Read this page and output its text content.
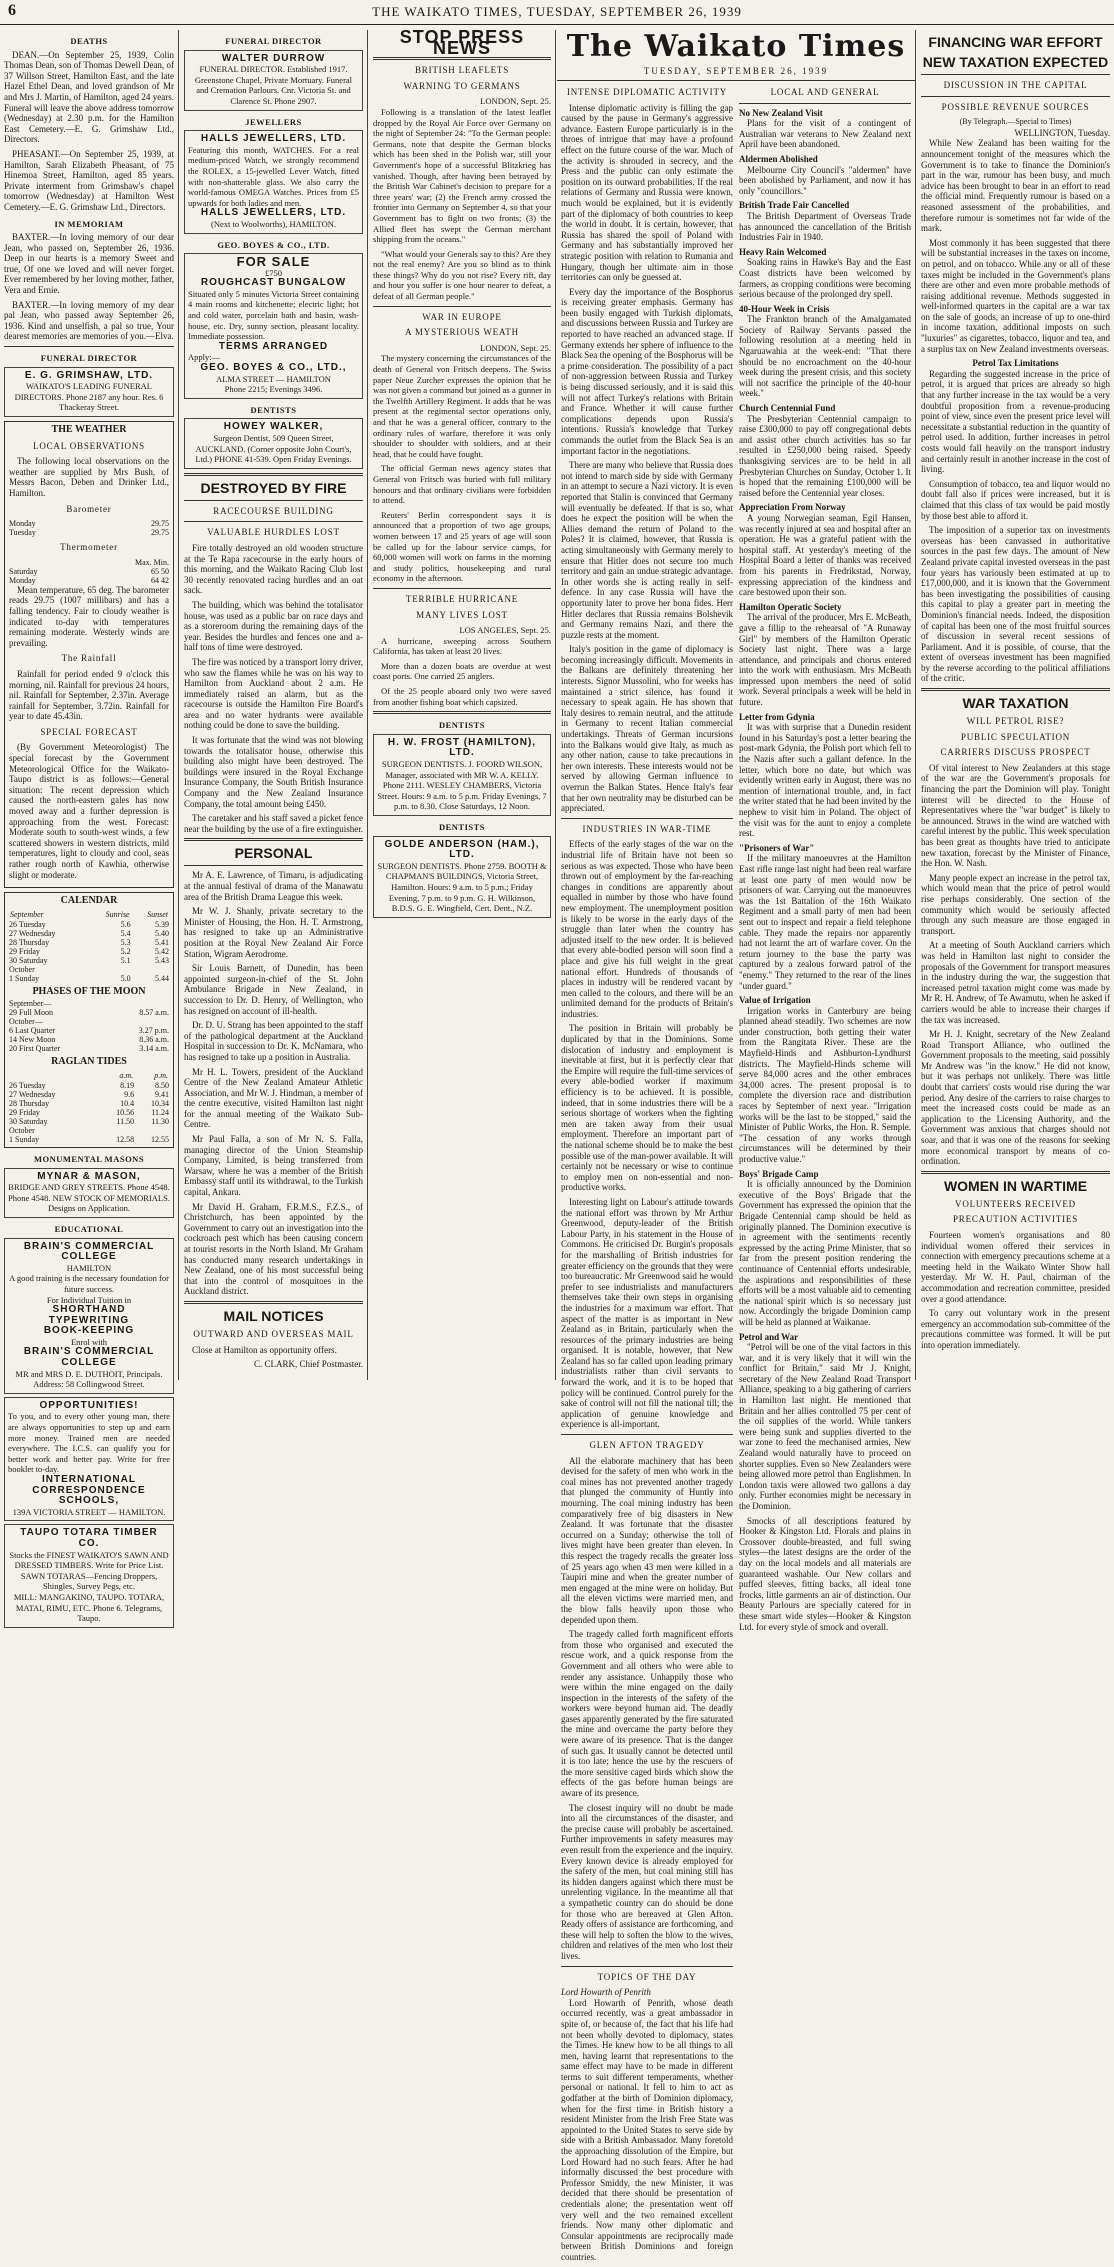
6	THE WAIKATO TIMES, TUESDAY, SEPTEMBER 26, 1939
DEATHS

DEAN.—On September 25, 1939, Colin Thomas Dean, son of Thomas Dewell Dean, of 37 Willson Street, Hamilton East, and the late Hazel Ethel Dean, and loved grandson of Mr and Mrs J. Martin, of Hamilton, aged 24 years. Funeral will leave the above address tomorrow (Wednesday) at 2.30 p.m. for the Hamilton East Cemetery.—E. G. Grimshaw Ltd., Directors.

PHEASANT.—On September 25, 1939, at Hamilton, Sarah Elizabeth Pheasant, of 75 Hinemoa Street, Hamilton, aged 85 years. Private interment from Grimshaw's chapel tomorrow (Wednesday) at Hamilton West Cemetery.—E. G. Grimshaw Ltd., Directors.

IN MEMORIAM

BAXTER.—In loving memory of our dear Jean, who passed on, September 26, 1936. Deep in our hearts is a memory Sweet and true, Of one we loved and will never forget. Ever remembered by her loving mother, father, Vera and Ernie.

BAXTER.—In loving memory of my dear pal Jean, who passed away September 26, 1936. Kind and unselfish, a pal so true, Your dearest memories are memories of you.—Elva.

FUNERAL DIRECTOR
E. G. GRIMSHAW, LTD.
WAIKATO'S LEADING FUNERAL DIRECTORS. Phone 2187 any hour. Res. 6 Thackeray Street.
THE WEATHER
LOCAL OBSERVATIONS

The following local observations on the weather are supplied by Mrs Bush, of Messrs Bacon, Deben and Drinker Ltd., Hamilton.

Barometer
Monday	29.75
Tuesday	29.75
Thermometer
	Max. Min.
Saturday	65 50
Monday	64 42

Mean temperature, 65 deg. The barometer reads 29.75 (1007 millibars) and has a falling tendency. Fair to cloudy weather is indicated to-day with temperatures remaining moderate. Westerly winds are prevailing.

The Rainfall

Rainfall for period ended 9 o'clock this morning, nil. Rainfall for previous 24 hours, nil. Rainfall for September, 2.37in. Average rainfall for September, 3.72in. Rainfall for year to date 45.43in.

SPECIAL FORECAST

(By Government Meteorologist) The special forecast by the Government Meteorological Office for the Waikato-Taupo district is as follows:—General situation: The recent depression which caused the north-eastern gales has now moved away and a further depression is approaching from the west. Forecast: Moderate south to south-west winds, a few scattered showers in western districts, mild temperatures, light to cloudy and cool, seas rather rough north of Kawhia, otherwise slight or moderate.

CALENDAR
September	Sunrise	Sunset
26 Tuesday	5.6	5.39
27 Wednesday	5.4	5.40
28 Thursday	5.3	5.41
29 Friday	5.2	5.42
30 Saturday	5.1	5.43
October		
1 Sunday	5.0	5.44
PHASES OF THE MOON
September—	
29 Full Moon	8.57 a.m.
October—	
6 Last Quarter	3.27 p.m.
14 New Moon	8.36 a.m.
20 First Quarter	3.14 a.m.
RAGLAN TIDES
	a.m.	p.m.
26 Tuesday	8.19	8.50
27 Wednesday	9.6	9.41
28 Thursday	10.4	10.34
29 Friday	10.56	11.24
30 Saturday	11.50	11.30
October		
1 Sunday	12.58	12.55
MONUMENTAL MASONS
MYNAR & MASON,
BRIDGE AND GREY STREETS. Phone 4548. Phone 4548. NEW STOCK OF MEMORIALS. Designs on Application.
EDUCATIONAL
BRAIN'S COMMERCIAL COLLEGE
HAMILTON
A good training is the necessary foundation for future success.
For Individual Tuition in
SHORTHAND
TYPEWRITING
BOOK-KEEPING
Enrol with
BRAIN'S COMMERCIAL COLLEGE
MR and MRS D. E. DUTHOIT, Principals.
Address: 58 Collingwood Street.
OPPORTUNITIES!
To you, and to every other young man, there are always opportunities to step up and earn more money. Trained men are needed everywhere. The I.C.S. can qualify you for better work and better pay. Write for free booklet to-day.
INTERNATIONAL CORRESPONDENCE SCHOOLS,
139A VICTORIA STREET — HAMILTON.
TAUPO TOTARA TIMBER CO.
Stocks the FINEST WAIKATO'S SAWN AND DRESSED TIMBERS. Write for Price List.
SAWN TOTARAS—Fencing Droppers, Shingles, Survey Pegs, etc.
MILL: MANGAKINO, TAUPO. TOTARA, MATAI, RIMU, ETC. Phone 6. Telegrams, Taupo.
FUNERAL DIRECTOR
WALTER DURROW
FUNERAL DIRECTOR. Established 1917. Greenstone Chapel, Private Mortuary. Funeral and Cremation Parlours. Cnr. Victoria St. and Clarence St. Phone 2907.
JEWELLERS
HALLS JEWELLERS, LTD.
Featuring this month, WATCHES. For a real medium-priced Watch, we strongly recommend the ROLEX, a 15-jewelled Lever Watch, fitted with non-shatterable glass. We also carry the world-famous OMEGA Watches. Prices from £5 upwards for both ladies and men.
HALLS JEWELLERS, LTD.
(Next to Woolworths), HAMILTON.
GEO. BOYES & CO., LTD.
FOR SALE
£750
ROUGHCAST BUNGALOW
Situated only 5 minutes Victoria Street containing 4 main rooms and kitchenette; electric light; hot and cold water, porcelain bath and basin, wash-house, etc. Dry, sunny section, pleasant locality. Immediate possession.
TERMS ARRANGED
Apply:—
GEO. BOYES & CO., LTD.,
ALMA STREET — HAMILTON
Phone 2215; Evenings 3496.
DENTISTS
HOWEY WALKER,
Surgeon Dentist, 509 Queen Street, AUCKLAND. (Corner opposite John Court's, Ltd.) PHONE 41-539. Open Friday Evenings.
DESTROYED BY FIRE
RACECOURSE BUILDING
VALUABLE HURDLES LOST

Fire totally destroyed an old wooden structure at the Te Rapa racecourse in the early hours of this morning, and the Waikato Racing Club lost 30 recently renovated racing hurdles and an oat sack.

The building, which was behind the totalisator house, was used as a public bar on race days and as a storeroom during the remaining days of the year. Besides the hurdles and fences one and a-half tons of time were destroyed.

The fire was noticed by a transport lorry driver, who saw the flames while he was on his way to Hamilton from Auckland about 2 a.m. He immediately raised an alarm, but as the racecourse is outside the Hamilton Fire Board's area and no water hydrants were available nothing could be done to save the building.

It was fortunate that the wind was not blowing towards the totalisator house, otherwise this building also might have been destroyed. The buildings were insured in the Royal Exchange Insurance Company, the South British Insurance Company and the New Zealand Insurance Company, the total amount being £450.

The caretaker and his staff saved a picket fence near the building by the use of a fire extinguisher.

PERSONAL

Mr A. E. Lawrence, of Timaru, is adjudicating at the annual festival of drama of the Manawatu area of the British Drama League this week.

Mr W. J. Shanly, private secretary to the Minister of Housing, the Hon. H. T. Armstrong, has resigned to take up an Administrative position at the Royal New Zealand Air Force Station, Wigram Aerodrome.

Sir Louis Barnett, of Dunedin, has been appointed surgeon-in-chief of the St. John Ambulance Brigade in New Zealand, in succession to Dr. D. Henry, of Wellington, who has resigned on account of ill-health.

Dr. D. U. Strang has been appointed to the staff of the pathological department at the Auckland Hospital in succession to Dr. K. McNamara, who has resigned to take up a position in Australia.

Mr H. L. Towers, president of the Auckland Centre of the New Zealand Amateur Athletic Association, and Mr W. J. Hindman, a member of the centre executive, visited Hamilton last night for the annual meeting of the Waikato Sub-Centre.

Mr Paul Falla, a son of Mr N. S. Falla, managing director of the Union Steamship Company, Limited, is being transferred from Warsaw, where he was a member of the British Embassy staff until its withdrawal, to the Turkish capital, Ankara.

Mr David H. Graham, F.R.M.S., F.Z.S., of Christchurch, has been appointed by the Government to carry out an investigation into the cockroach pest which has been causing concern at tourist resorts in the North Island. Mr Graham has conducted many research undertakings in New Zealand, one of his most successful being that into the control of mosquitoes in the Auckland district.

MAIL NOTICES
OUTWARD AND OVERSEAS MAIL

Close at Hamilton as opportunity offers.

C. CLARK, Chief Postmaster.
STOP PRESS NEWS
BRITISH LEAFLETS
WARNING TO GERMANS
LONDON, Sept. 25.

Following is a translation of the latest leaflet dropped by the Royal Air Force over Germany on the night of September 24: "To the German people: Germans, note that despite the German blocks which has been shed in the Polish war, still your Government's hope of a successful Blitzkrieg has vanished. Though, after having been betrayed by the British War Cabinet's decision to prepare for a three years' war; (2) the French army crossed the frontier into Germany on September 4, so that your Government has to fight on two fronts; (3) the Allied fleet has swept the German merchant shipping from the oceans."

"What would your Generals say to this? Are they not the real enemy? Are you so blind as to think these things? Why do you not rise? Every rift, day and hour you suffer is one hour nearer to defeat, a defeat of all German people."

WAR IN EUROPE
A MYSTERIOUS WEATH
LONDON, Sept. 25.

The mystery concerning the circumstances of the death of General von Fritsch deepens. The Swiss paper Neue Zurcher expresses the opinion that he was not given a command but joined as a gunner in the Twelfth Artillery Regiment. It adds that he was present at the regimental sector operations only, and that he was a general officer, contrary to the ordinary rules of warfare, therefore it was only shoulder to shoulder with soldiers, and at their head, that he could have fought.

The official German news agency states that General von Fritsch was buried with full military honours and that ordinary civilians were forbidden to attend.

Reuters' Berlin correspondent says it is announced that a proportion of two age groups, women between 17 and 25 years of age will soon be called up for the labour service camps, for 60,000 women will work on farms in the morning and study politics, housekeeping and rural economy in the afternoon.

TERRIBLE HURRICANE
MANY LIVES LOST
LOS ANGELES, Sept. 25.

A hurricane, sweeping across Southern California, has taken at least 20 lives.

More than a dozen boats are overdue at west coast ports. One carried 25 anglers.

Of the 25 people aboard only two were saved from another fishing boat which capsized.

DENTISTS
H. W. FROST (HAMILTON), LTD.
SURGEON DENTISTS. J. FOORD WILSON, Manager, associated with MR W. A. KELLY. Phone 2111. WESLEY CHAMBERS, Victoria Street. Hours: 9 a.m. to 5 p.m. Friday Evenings, 7 p.m. to 8.30. Close Saturdays, 12 Noon.
DENTISTS
GOLDE ANDERSON (HAM.), LTD.
SURGEON DENTISTS. Phone 2759. BOOTH & CHAPMAN'S BUILDINGS, Victoria Street, Hamilton. Hours: 9 a.m. to 5 p.m.; Friday Evening, 7 p.m. to 9 p.m. G. H. Wilkinson, B.D.S. G. E. Wingfield, Cert. Dent., N.Z.
The Waikato Times
TUESDAY, SEPTEMBER 26, 1939
INTENSE DIPLOMATIC ACTIVITY

Intense diplomatic activity is filling the gap caused by the pause in Germany's aggressive advance. Eastern Europe particularly is in the throes of intrigue that may have a profound effect on the future course of the war. Much of the activity is shrouded in secrecy, and the Press and the public can only estimate the position on its outward probabilities. If the real relations of Germany and Russia were known, much would be explained, but it is evidently part of the diplomacy of both countries to keep the world in doubt. It is certain, however, that Russia has shared the spoil of Poland with Germany and has substantially improved her strategic position with relation to Rumania and Hungary, though her ultimate aim in those territories can only be guessed at.

Every day the importance of the Bosphorus is receiving greater emphasis. Germany has been busily engaged with Turkish diplomats, and discussions between Russia and Turkey are reported to have reached an advanced stage. If Germany extends her sphere of influence to the Black Sea the opening of the Bosphorus will be a prime consideration. The possibility of a pact of non-aggression between Russia and Turkey is being discussed seriously, and it is said this will not affect Turkey's relations with Britain and France. Whether it will cause further complications depends upon Russia's intentions. Russia's knowledge that Turkey commands the outlet from the Black Sea is an important factor in the negotiations.

There are many who believe that Russia does not intend to march side by side with Germany in an attempt to secure a Nazi victory. It is even reported that Stalin is convinced that Germany will eventually be defeated. If that is so, what does he expect the position will be when the Allies demand the return of Poland to the Poles? It is claimed, however, that Russia is acting simultaneously with Germany merely to ensure that Hitler does not secure too much territory and gain an undue strategic advantage. In other words she is acting really in self-defence. In any case Russia will have the opportunity later to prove her bona fides. Herr Hitler declares that Russia remains Bolshevik and Germany remains Nazi, and there the puzzle rests at the moment.

Italy's position in the game of diplomacy is becoming increasingly difficult. Movements in the Balkans are definitely threatening her interests. Signor Mussolini, who for weeks has maintained a strict silence, has found it necessary to speak again. He has shown that Italy desires to remain neutral, and the attitude in Germany to recent Italian commercial undertakings. Threats of German incursions into the Balkans would give Italy, as much as any other nation, cause to take precautions in her own interests. These interests would not be served by allowing German influence to overrun the Balkan States. Hence Italy's fear that her own neutrality may be disturbed can be appreciated.

INDUSTRIES IN WAR-TIME

Effects of the early stages of the war on the industrial life of Britain have not been so serious as was expected. Those who have been thrown out of employment by the far-reaching changes in conditions are apparently about equalled in number by those who have found new employment. The unemployment position is likely to be worse in the early days of the struggle than later when the country has adjusted itself to the new order. It is believed that every able-bodied person will soon find a place and give his full weight in the great national effort. Hundreds of thousands of places in industry will be rendered vacant by men called to the colours, and there will be an unlimited demand for the products of Britain's industries.

The position in Britain will probably be duplicated by that in the Dominions. Some dislocation of industry and employment is inevitable at first, but it is perfectly clear that the Empire will require the full-time services of every able-bodied worker if maximum efficiency is to be achieved. It is possible, indeed, that in some industries there will be a serious shortage of workers when the fighting men are taken away from their usual employment. Therefore an important part of the national scheme should be to make the best possible use of the man-power available. It will certainly not be necessary or wise to continue to employ men on non-essential and non-productive works.

Interesting light on Labour's attitude towards the national effort was thrown by Mr Arthur Greenwood, deputy-leader of the British Labour Party, in his statement in the House of Commons. He criticised Dr. Burgin's proposals for the marshalling of British industries for greater efficiency on the grounds that they were too bureaucratic. Mr Greenwood said he would prefer to see industrialists and manufacturers themselves take their own steps in organising the industries for a maximum war effort. That aspect of the matter is as important in New Zealand as in Britain, particularly when the resources of the primary industries are being organised. It is notable, however, that New Zealand has so far called upon leading primary industrialists rather than civil servants to forward the work, and it is to be hoped that policy will be continued. Control purely for the sake of control will not fill the national till; the application of genuine knowledge and experience is all-important.

GLEN AFTON TRAGEDY

All the elaborate machinery that has been devised for the safety of men who work in the coal mines has not prevented another tragedy that plunged the community of Huntly into mourning. The coal mining industry has been comparatively free of big disasters in New Zealand. It was fortunate that the disaster occurred on a Sunday; otherwise the toll of lives might have been greater than eleven. In this respect the tragedy recalls the greater loss of 25 years ago when 43 men were killed in a Taupiri mine and when the greater number of men engaged at the mine were on holiday. But all the eleven victims were married men, and the blow falls heavily upon those who depended upon them.

The tragedy called forth magnificent efforts from those who organised and executed the rescue work, and a quick response from the Government and all others who were able to render any assistance. Unhappily those who were within the mine engaged on the daily inspection in the interests of the safety of the workers were beyond human aid. The deadly gases apparently generated by the fire saturated the mine and overcame the party before they were aware of its presence. That is the danger of such gas. It usually cannot be detected until it is too late; hence the use by the rescuers of the more sensitive caged birds which show the effects of the gas before human beings are aware of its presence.

The closest inquiry will no doubt be made into all the circumstances of the disaster, and the precise cause will probably be ascertained. Further improvements in safety measures may even result from the experience and the inquiry. Every known device is already employed for the safety of the men, but coal mining still has its hidden dangers against which there must be unrelenting vigilance. In the meantime all that a sympathetic country can do should be done for those who are bereaved at Glen Afton. Ready offers of assistance are forthcoming, and these will help to soften the blow to the wives, children and relatives of the men who lost their lives.

TOPICS OF THE DAY
Lord Howarth of Penrith

Lord Howarth of Penrith, whose death occurred recently, was a great ambassador in spite of, or because of, the fact that his life had not been wholly devoted to diplomacy, states the Times. He knew how to be all things to all men, having learnt that representations to the same effect may have to be made in different terms to suit different temperaments, whether personal or national. It fell to him to act as godfather at the birth of Dominion diplomacy, when for the first time in British history a resident Minister from the Irish Free State was appointed to the United States to serve side by side with a British Ambassador. Many foretold the approaching dissolution of the Empire, but Lord Howard had no such fears. After he had informally discussed the best procedure with Professor Smiddy, the new Minister, it was decided that there should be presentation of credentials alone; the presentation went off very well and the two remained excellent friends. Now many other diplomatic and Consular appointments are reciprocally made between British Dominions and foreign countries.

LOCAL AND GENERAL
No New Zealand Visit

Plans for the visit of a contingent of Australian war veterans to New Zealand next April have been abandoned.

Aldermen Abolished

Melbourne City Council's "aldermen" have been abolished by Parliament, and now it has only "councillors."

British Trade Fair Cancelled

The British Department of Overseas Trade has announced the cancellation of the British Industries Fair in 1940.

Heavy Rain Welcomed

Soaking rains in Hawke's Bay and the East Coast districts have been welcomed by farmers, as cropping conditions were becoming serious because of the prolonged dry spell.

40-Hour Week in Crisis

The Frankton branch of the Amalgamated Society of Railway Servants passed the following resolution at a meeting held in Ngaruawahia at the week-end: "That there should be no encroachment on the 40-hour week during the present crisis, and this society will not sacrifice the principle of the 40-hour week."

Church Centennial Fund

The Presbyterian Centennial campaign to raise £300,000 to pay off congregational debts and assist other church activities has so far resulted in £250,000 being raised. Speedy thanksgiving services are to be held in all Presbyterian Churches on Sunday, October 1. It is hoped that the remaining £100,000 will be raised before the Centennial year closes.

Appreciation From Norway

A young Norwegian seaman, Egil Hansen, was recently injured at sea and hospital after an operation. He was a grateful patient with the hospital staff. At yesterday's meeting of the Hospital Board a letter of thanks was received from his parents in Fredrikstad, Norway, expressing appreciation of the kindness and care bestowed upon their son.

Hamilton Operatic Society

The arrival of the producer, Mrs E. McBeath, gave a fillip to the rehearsal of "A Runaway Girl" by members of the Hamilton Operatic Society last night. There was a large attendance, and principals and chorus entered into the work with enthusiasm. Mrs McBeath impressed upon members the need of solid work. Several principals a week will be held in future.

Letter from Gdynia

It was with surprise that a Dunedin resident found in his Saturday's post a letter bearing the post-mark Gdynia, the Polish port which fell to the Nazis after such a gallant defence. In the letter, which bore no date, but which was evidently written early in August, there was no mention of international trouble, and, in fact the writer stated that he had been invited by the nephew to visit him in Poland. The object of the visit was for the aunt to enjoy a complete rest.

"Prisoners of War"

If the military manoeuvres at the Hamilton East rifle range last night had been real warfare at least one party of men would now be prisoners of war. Carrying out the manoeuvres was the 1st Battalion of the 16th Waikato Regiment and a small party of men had been sent out to inspect and repair a field telephone cable. They made the repairs nor apparently had not learnt the art of warfare cover. On the return journey to the base the party was captured by a zealous forward patrol of the "enemy." They returned to the rear of the lines "under guard."

Value of Irrigation

Irrigation works in Canterbury are being planned ahead steadily. Two schemes are now under construction, both getting their water from the Rangitata River. These are the Mayfield-Hinds and Ashburton-Lyndhurst districts. The Mayfield-Hinds scheme will serve 84,000 acres and the other embraces 34,000 acres. The present proposal is to complete the diversion race and distribution races by September of next year. "Irrigation works will be the last to be stopped," said the Minister of Public Works, the Hon. R. Semple. "The cessation of any works through circumstances will be determined by their productive value."

Boys' Brigade Camp

It is officially announced by the Dominion executive of the Boys' Brigade that the Government has expressed the opinion that the Brigade Centennial camp should be held as originally planned. The Dominion executive is in agreement with the sentiments recently expressed by the acting Prime Minister, that so far from the present position rendering the continuance of Centennial efforts undesirable, the aspirations and responsibilities of these efforts will be a most valuable aid to cementing the national spirit which is so necessary just now. Accordingly the brigade Dominion camp will be held as planned at Waikanae.

Petrol and War

"Petrol will be one of the vital factors in this war, and it is very likely that it will win the conflict for Britain," said Mr J. Knight, secretary of the New Zealand Road Transport Alliance, speaking to a big gathering of carriers in Hamilton last night. He mentioned that Britain and her allies controlled 75 per cent of the oil supplies of the world. While tankers were being sunk and supplies diverted to the war zone to feed the mechanised armies, New Zealand would naturally have to proceed on shorter supplies. Even so New Zealanders were being allowed more petrol than Englishmen. In London taxis were allowed two gallons a day only. Further economies might be necessary in the Dominion.

Smocks of all descriptions featured by Hooker & Kingston Ltd. Florals and plains in Crossover double-breasted, and full swing styles—the latest designs are the order of the day on the local models and all materials are guaranteed washable. Our New collars and puffed sleeves, fitting backs, all ideal tone frocks, little garments an air of distinction. Our Beauty Parlours are specially catered for in these smart wide styles—Hooker & Kingston Ltd. for every style of smock and overall.

FINANCING WAR EFFORT
NEW TAXATION EXPECTED
DISCUSSION IN THE CAPITAL
POSSIBLE REVENUE SOURCES
(By Telegraph.—Special to Times)
WELLINGTON, Tuesday.

While New Zealand has been waiting for the announcement tonight of the measures which the Government is to take to finance the Dominion's part in the war, rumour has been busy, and much advice has been brought to bear in an effort to read the official mind. Frequently rumour is based on a reasoned assessment of the probabilities, and therefore rumour is sometimes not far wide of the mark.

Most commonly it has been suggested that there will be substantial increases in the taxes on income, on petrol, and on tobacco. While any or all of these taxes might be included in the Government's plans there are other and even more probable methods of raising additional revenue. Methods suggested in well-informed quarters in the capital are a war tax on the sale of goods, an increase of up to one-third in income taxation, additional imposts on such "luxuries" as cigarettes, tobacco, liquor and tea, and a surplus tax on New Zealand investments overseas.

Petrol Tax Limitations

Regarding the suggested increase in the price of petrol, it is argued that prices are already so high that any further increase in the tax would be a very doubtful proposition from a revenue-producing point of view, since even the present price level will necessitate a substantial reduction in the quantity of petrol used. In addition, further increases in petrol costs would fall heavily on the transport industry and certainly result in another increase in the cost of living.

Consumption of tobacco, tea and liquor would no doubt fall also if prices were increased, but it is claimed that this class of tax would be paid mostly by those best able to afford it.

The imposition of a superior tax on investments overseas has been canvassed in authoritative sources in the past few days. The amount of New Zealand private capital invested overseas in the past four years has variously been estimated at up to £17,000,000, and it is known that the Government has been investigating the possibilities of causing this capital to play a greater part in meeting the Dominion's financial needs. Indeed, the disposition of capital has been one of the most fruitful sources of discussion in several recent sessions of Parliament. And it is possible, of course, that the extent of overseas investment has been magnified by the reverse according to the political affiliations of the critic.

WAR TAXATION
WILL PETROL RISE?
PUBLIC SPECULATION
CARRIERS DISCUSS PROSPECT

Of vital interest to New Zealanders at this stage of the war are the Government's proposals for financing the part the Dominion will play. Tonight interest will be directed to the House of Representatives where the "war budget" is likely to be announced. Straws in the wind are watched with careful interest by the public. This week speculation has been great as thoughts have tried to anticipate new taxation, forecast by the Minister of Finance, the Hon. W. Nash.

Many people expect an increase in the petrol tax, which would mean that the price of petrol would rise perhaps considerably. One section of the community which would be seriously affected through any such measure are those engaged in transport.

At a meeting of South Auckland carriers which was held in Hamilton last night to consider the proposals of the Government for transport measures in the industry during the war, the suggestion that increased petrol taxation might come was made by Mr R. H. Andrew, of Te Awamutu, when he asked if carriers would be able to increase their charges if the tax was increased.

Mr H. J. Knight, secretary of the New Zealand Road Transport Alliance, who outlined the Government proposals to the meeting, said possibly Mr Andrew was "in the know." He did not know, but it was perhaps not unlikely. There was little doubt that carriers' costs would rise during the war period. Any desire of the carriers to raise charges to meet the increased costs could be made as an application to the Licensing Authority, and the Government was anxious that charges should not soar, and that it was one of the reasons for seeking more economical transport by means of co-ordination.

WOMEN IN WARTIME
VOLUNTEERS RECEIVED
PRECAUTION ACTIVITIES

Fourteen women's organisations and 80 individual women offered their services in connection with emergency precautions scheme at a meeting held in the Waikato Winter Show hall yesterday. Mr W. H. Paul, chairman of the accommodation and recreation committee, presided over a good attendance.

To carry out voluntary work in the present emergency an accommodation sub-committee of the precautions committee was formed. It will be put into operation immediately.
